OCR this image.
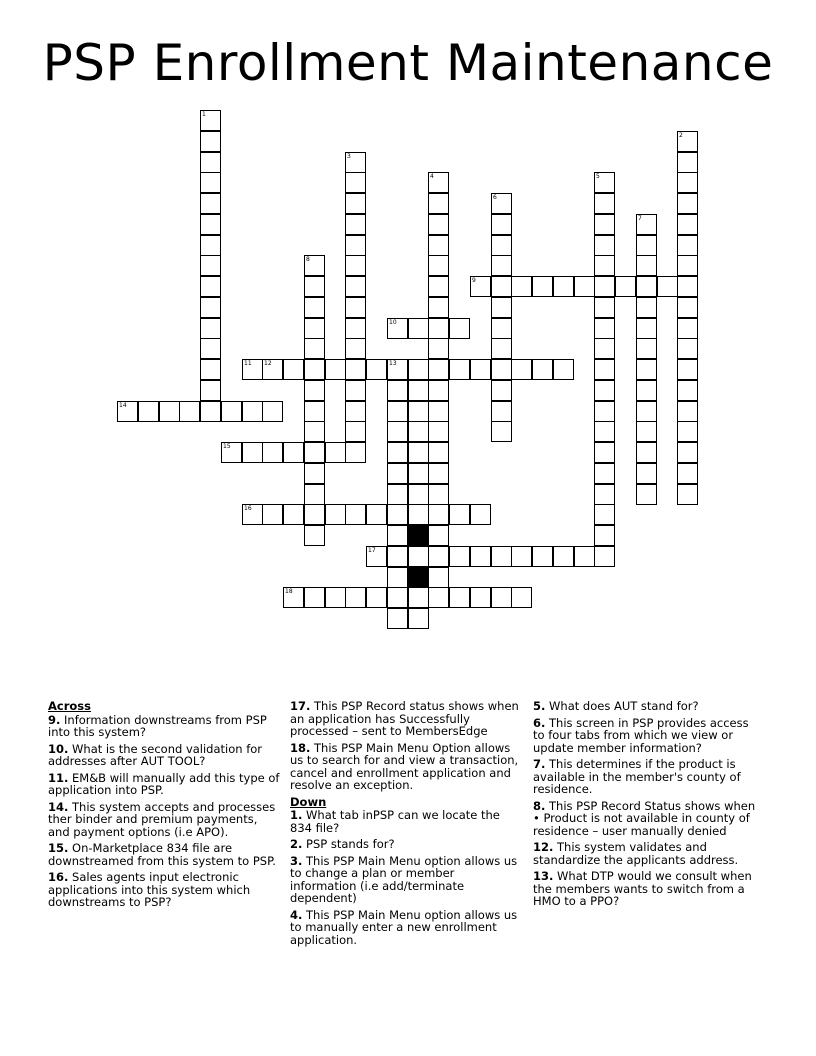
PSP Enrollment Maintenance
1
2
3
4	5
6
7
8
13
9
10
11 12
14
15
16
17
18
Across
9. Information downstreams from PSP into this system?
10. What is the second validation for addresses after AUT TOOL?
11. EM&B will manually add this type of application into PSP.
14. This system accepts and processes ther binder and premium payments, and payment options (i.e APO).
15. On-Marketplace 834 file are downstreamed from this system to PSP.
16. Sales agents input electronic applications into this system which downstreams to PSP?
17. This PSP Record status shows when an application has Successfully processed – sent to MembersEdge
18. This PSP Main Menu Option allows us to search for and view a transaction, cancel and enrollment application and resolve an exception.
Down
1. What tab inPSP can we locate the 834 file?
2. PSP stands for?
3. This PSP Main Menu option allows us to change a plan or member information (i.e add/terminate dependent)
4. This PSP Main Menu option allows us to manually enter a new enrollment application.
5. What does AUT stand for?
6. This screen in PSP provides access to four tabs from which we view or update member information?
7. This determines if the product is available in the member's county of residence.
8. This PSP Record Status shows when • Product is not available in county of residence – user manually denied
12. This system validates and standardize the applicants address.
13. What DTP would we consult when the members wants to switch from a HMO to a PPO?
